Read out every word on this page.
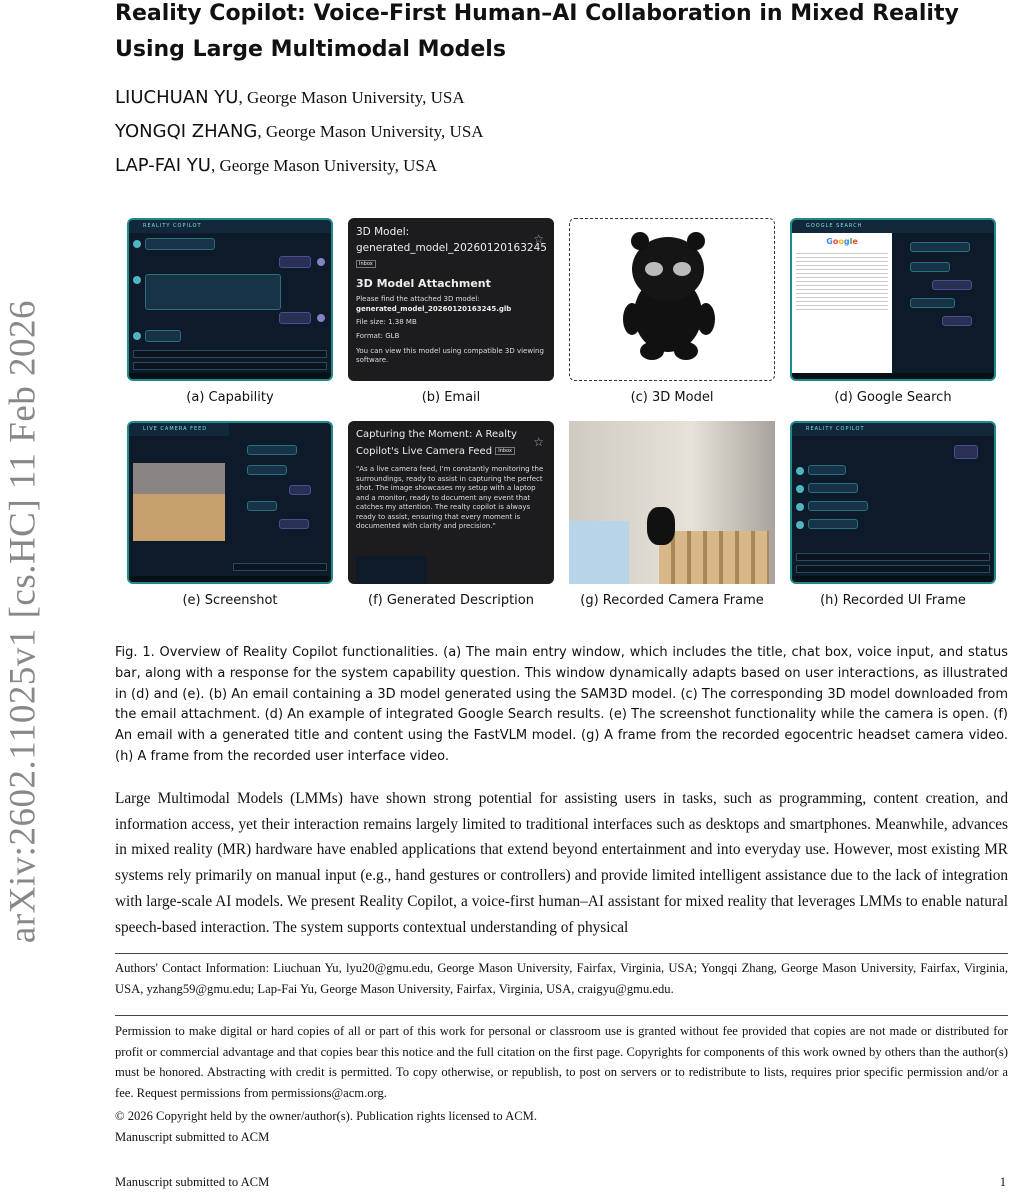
arXiv:2602.11025v1 [cs.HC] 11 Feb 2026
Reality Copilot: Voice-First Human–AI Collaboration in Mixed Reality Using Large Multimodal Models
LIUCHUAN YU, George Mason University, USA
YONGQI ZHANG, George Mason University, USA
LAP-FAI YU, George Mason University, USA
REALITY COPILOT
(a) Capability
3D Model: generated_model_20260120163245 Inbox
☆
3D Model Attachment

Please find the attached 3D model:

generated_model_20260120163245.glb

File size: 1.38 MB

Format: GLB

You can view this model using compatible 3D viewing software.

(b) Email	(c) 3D Model
GOOGLE SEARCH
Google
(d) Google Search
LIVE CAMERA FEED
(e) Screenshot
Capturing the Moment: A Realty Copilot's Live Camera Feed Inbox
☆

"As a live camera feed, I'm constantly monitoring the surroundings, ready to assist in capturing the perfect shot. The image showcases my setup with a laptop and a monitor, ready to document any event that catches my attention. The realty copilot is always ready to assist, ensuring that every moment is documented with clarity and precision."

(f) Generated Description	(g) Recorded Camera Frame
REALITY COPILOT
(h) Recorded UI Frame
Fig. 1. Overview of Reality Copilot functionalities. (a) The main entry window, which includes the title, chat box, voice input, and status bar, along with a response for the system capability question. This window dynamically adapts based on user interactions, as illustrated in (d) and (e). (b) An email containing a 3D model generated using the SAM3D model. (c) The corresponding 3D model downloaded from the email attachment. (d) An example of integrated Google Search results. (e) The screenshot functionality while the camera is open. (f) An email with a generated title and content using the FastVLM model. (g) A frame from the recorded egocentric headset camera video. (h) A frame from the recorded user interface video.
Large Multimodal Models (LMMs) have shown strong potential for assisting users in tasks, such as programming, content creation, and information access, yet their interaction remains largely limited to traditional interfaces such as desktops and smartphones. Meanwhile, advances in mixed reality (MR) hardware have enabled applications that extend beyond entertainment and into everyday use. However, most existing MR systems rely primarily on manual input (e.g., hand gestures or controllers) and provide limited intelligent assistance due to the lack of integration with large-scale AI models. We present Reality Copilot, a voice-first human–AI assistant for mixed reality that leverages LMMs to enable natural speech-based interaction. The system supports contextual understanding of physical
Authors' Contact Information: Liuchuan Yu, lyu20@gmu.edu, George Mason University, Fairfax, Virginia, USA; Yongqi Zhang, George Mason University, Fairfax, Virginia, USA, yzhang59@gmu.edu; Lap-Fai Yu, George Mason University, Fairfax, Virginia, USA, craigyu@gmu.edu.
Permission to make digital or hard copies of all or part of this work for personal or classroom use is granted without fee provided that copies are not made or distributed for profit or commercial advantage and that copies bear this notice and the full citation on the first page. Copyrights for components of this work owned by others than the author(s) must be honored. Abstracting with credit is permitted. To copy otherwise, or republish, to post on servers or to redistribute to lists, requires prior specific permission and/or a fee. Request permissions from permissions@acm.org.
© 2026 Copyright held by the owner/author(s). Publication rights licensed to ACM.
Manuscript submitted to ACM
Manuscript submitted to ACM	1
